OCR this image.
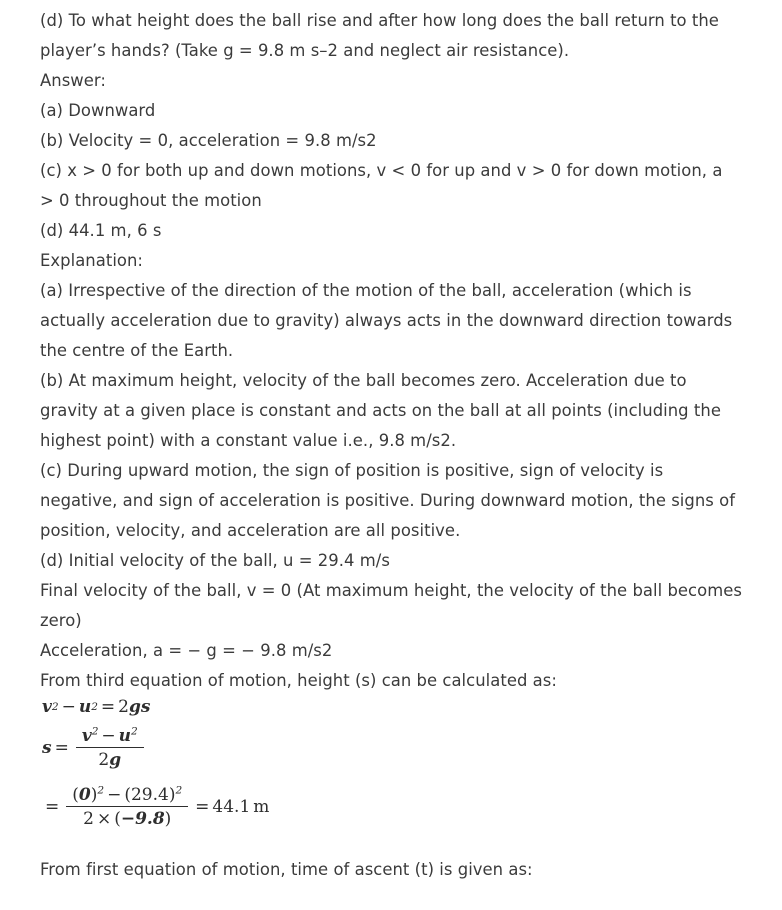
(d) To what height does the ball rise and after how long does the ball return to the
player’s hands? (Take g = 9.8 m s–2 and neglect air resistance).
Answer:
(a) Downward
(b) Velocity = 0, acceleration = 9.8 m/s2
(c) x > 0 for both up and down motions, v < 0 for up and v > 0 for down motion, a
> 0 throughout the motion
(d) 44.1 m, 6 s
Explanation:
(a) Irrespective of the direction of the motion of the ball, acceleration (which is
actually acceleration due to gravity) always acts in the downward direction towards
the centre of the Earth.
(b) At maximum height, velocity of the ball becomes zero. Acceleration due to
gravity at a given place is constant and acts on the ball at all points (including the
highest point) with a constant value i.e., 9.8 m/s2.
(c) During upward motion, the sign of position is positive, sign of velocity is
negative, and sign of acceleration is positive. During downward motion, the signs of
position, velocity, and acceleration are all positive.
(d) Initial velocity of the ball, u = 29.4 m/s
Final velocity of the ball, v = 0 (At maximum height, the velocity of the ball becomes
zero)
Acceleration, a = − g = − 9.8 m/s2
From third equation of motion, height (s) can be calculated as:
v 2 − u 2 = 2 g s
$s = \frac{v^2 - u^2}{2g}$
= $\frac{(0)^2 - (29.4)^2}{2 \times (-9.8)} = 44.1$ m
From first equation of motion, time of ascent (t) is given as:
